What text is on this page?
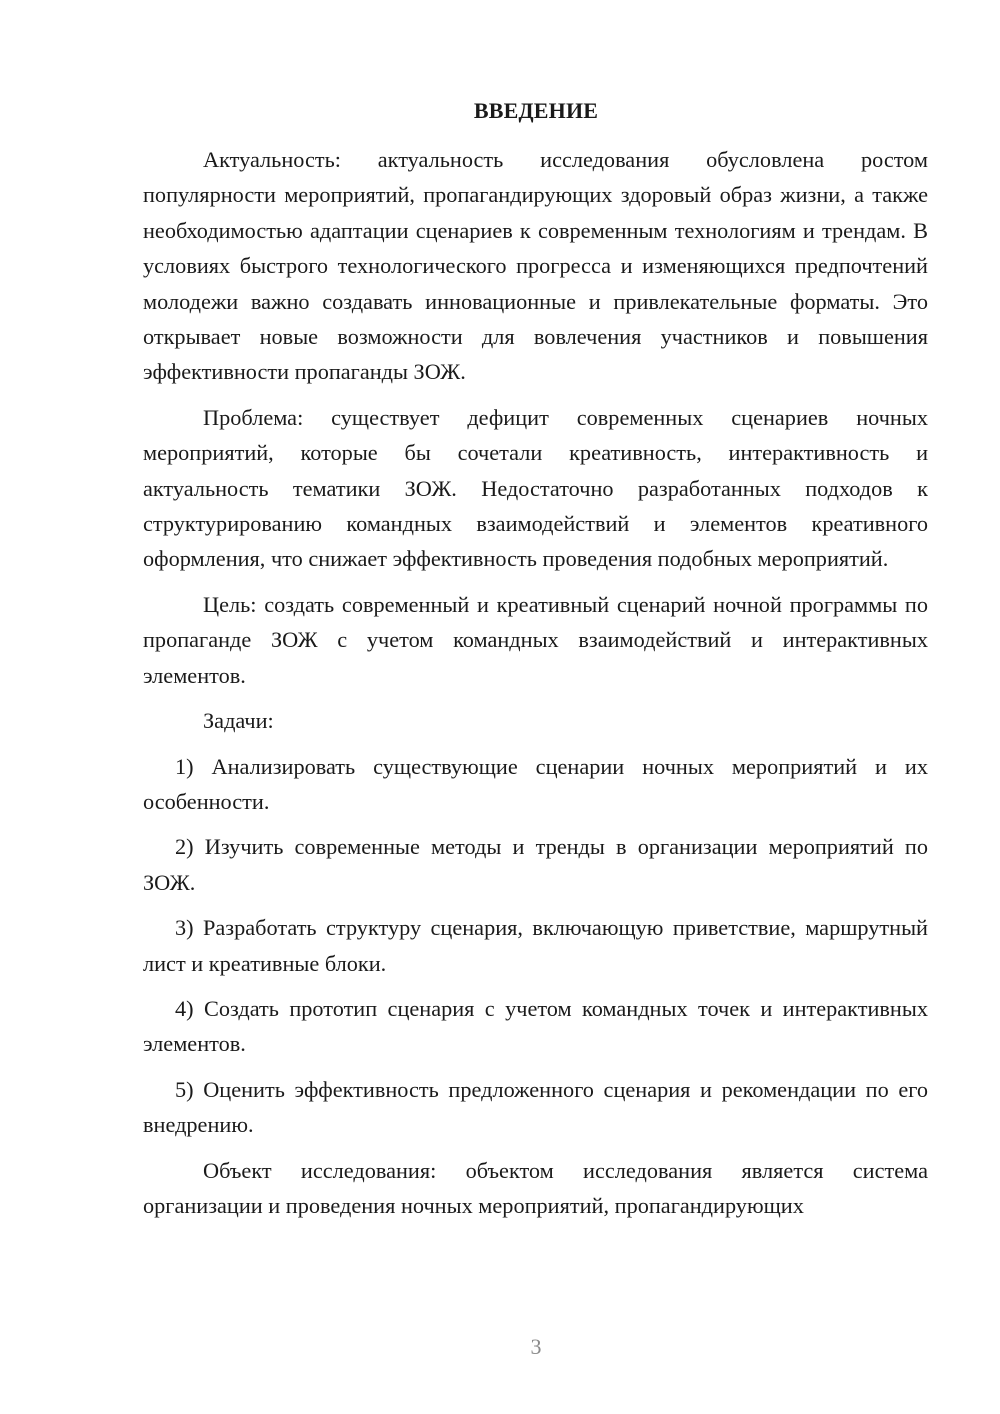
ВВЕДЕНИЕ

Актуальность: актуальность исследования обусловлена ростом популярности мероприятий, пропагандирующих здоровый образ жизни, а также необходимостью адаптации сценариев к современным технологиям и трендам. В условиях быстрого технологического прогресса и изменяющихся предпочтений молодежи важно создавать инновационные и привлекательные форматы. Это открывает новые возможности для вовлечения участников и повышения эффективности пропаганды ЗОЖ.

Проблема: существует дефицит современных сценариев ночных мероприятий, которые бы сочетали креативность, интерактивность и актуальность тематики ЗОЖ. Недостаточно разработанных подходов к структурированию командных взаимодействий и элементов креативного оформления, что снижает эффективность проведения подобных мероприятий.

Цель: создать современный и креативный сценарий ночной программы по пропаганде ЗОЖ с учетом командных взаимодействий и интерактивных элементов.

Задачи:

1) Анализировать существующие сценарии ночных мероприятий и их особенности.

2) Изучить современные методы и тренды в организации мероприятий по ЗОЖ.

3) Разработать структуру сценария, включающую приветствие, маршрутный лист и креативные блоки.

4) Создать прототип сценария с учетом командных точек и интерактивных элементов.

5) Оценить эффективность предложенного сценария и рекомендации по его внедрению.

Объект исследования: объектом исследования является система организации и проведения ночных мероприятий, пропагандирующих

3
